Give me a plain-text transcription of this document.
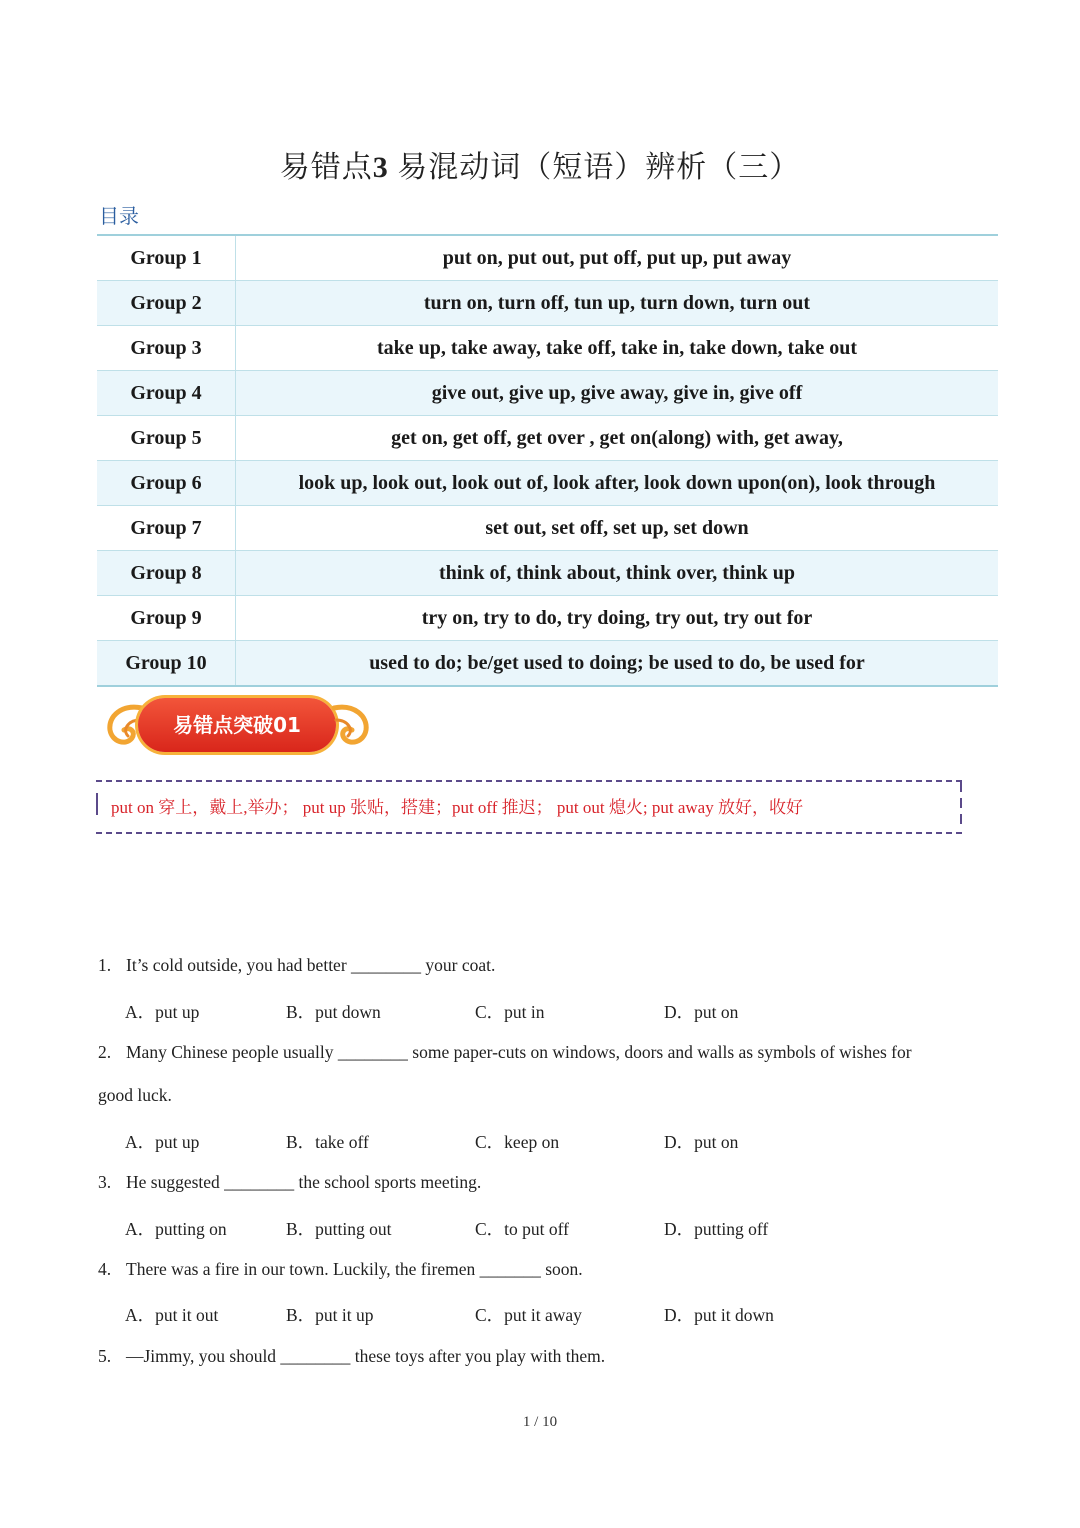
易错点3 易混动词（短语）辨析（三）
目录
Group 1	put on, put out, put off, put up, put away
Group 2	turn on, turn off, tun up, turn down, turn out
Group 3	take up, take away, take off, take in, take down, take out
Group 4	give out, give up, give away, give in, give off
Group 5	get on, get off, get over , get on(along) with, get away,
Group 6	look up, look out, look out of, look after, look down upon(on), look through
Group 7	set out, set off, set up, set down
Group 8	think of, think about, think over, think up
Group 9	try on, try to do, try doing, try out, try out for
Group 10	used to do; be/get used to doing; be used to do, be used for
易错点突破01
put on 穿上，戴上,举办； put up 张贴，搭建；put off 推迟； put out 熄火; put away 放好，收好
1. It’s cold outside, you had better ________ your coat.
A．put up	B．put down	C．put in	D．put on
2. Many Chinese people usually ________ some paper-cuts on windows, doors and walls as symbols of wishes for
good luck.
A．put up	B．take off	C．keep on	D．put on
3. He suggested ________ the school sports meeting.
A．putting on	B．putting out	C．to put off	D．putting off
4. There was a fire in our town. Luckily, the firemen _______ soon.
A．put it out	B．put it up	C．put it away	D．put it down
5. —Jimmy, you should ________ these toys after you play with them.
1 / 10
